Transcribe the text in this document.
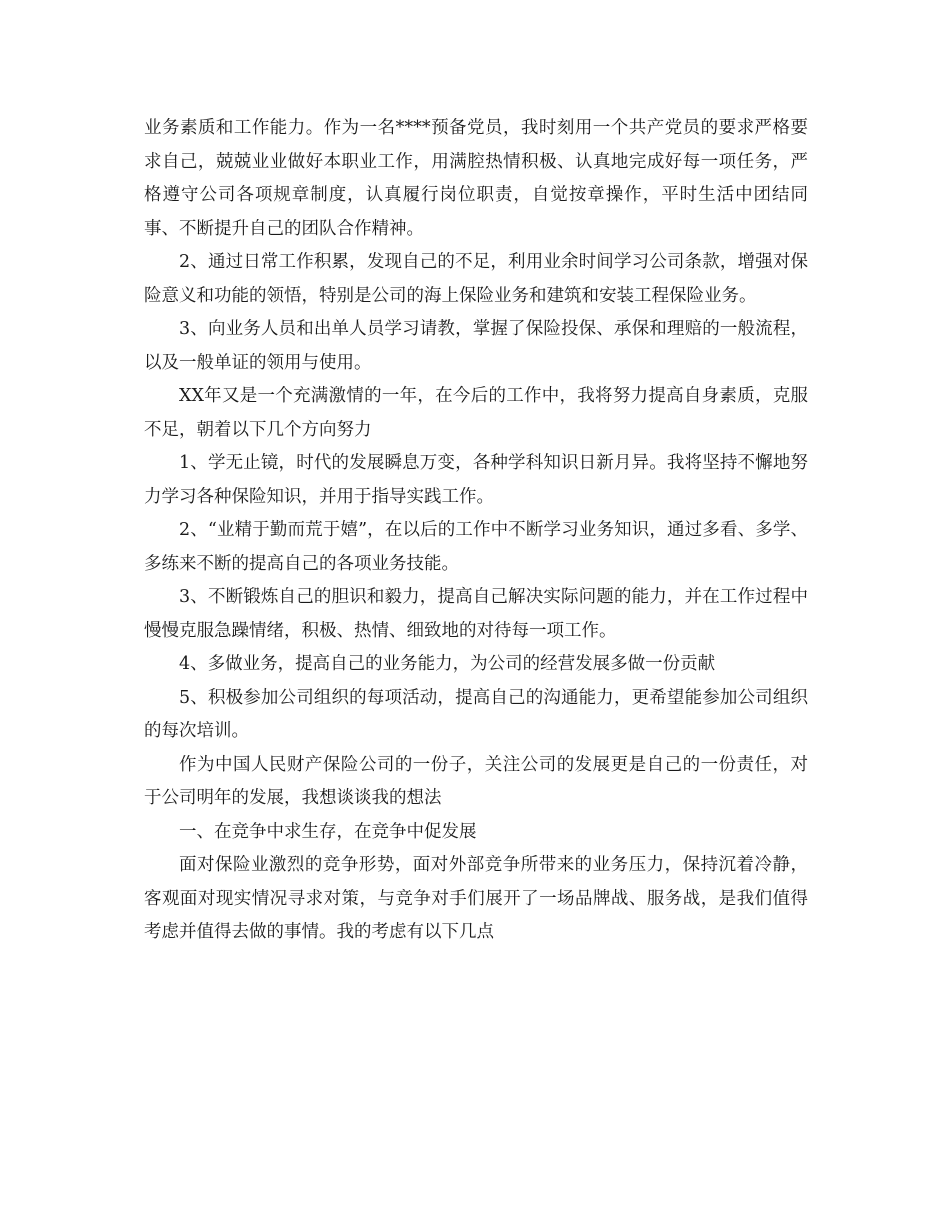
业务素质和工作能力。作为一名****预备党员，我时刻用一个共产党员的要求严格要求自己，兢兢业业做好本职业工作，用满腔热情积极、认真地完成好每一项任务，严格遵守公司各项规章制度，认真履行岗位职责，自觉按章操作，平时生活中团结同事、不断提升自己的团队合作精神。

2、通过日常工作积累，发现自己的不足，利用业余时间学习公司条款，增强对保险意义和功能的领悟，特别是公司的海上保险业务和建筑和安装工程保险业务。

3、向业务人员和出单人员学习请教，掌握了保险投保、承保和理赔的一般流程，以及一般单证的领用与使用。

XX年又是一个充满激情的一年，在今后的工作中，我将努力提高自身素质，克服不足，朝着以下几个方向努力

1、学无止镜，时代的发展瞬息万变，各种学科知识日新月异。我将坚持不懈地努力学习各种保险知识，并用于指导实践工作。

2、“业精于勤而荒于嬉”，在以后的工作中不断学习业务知识，通过多看、多学、多练来不断的提高自己的各项业务技能。

3、不断锻炼自己的胆识和毅力，提高自己解决实际问题的能力，并在工作过程中慢慢克服急躁情绪，积极、热情、细致地的对待每一项工作。

4、多做业务，提高自己的业务能力，为公司的经营发展多做一份贡献

5、积极参加公司组织的每项活动，提高自己的沟通能力，更希望能参加公司组织的每次培训。

作为中国人民财产保险公司的一份子，关注公司的发展更是自己的一份责任，对于公司明年的发展，我想谈谈我的想法

一、在竞争中求生存，在竞争中促发展

面对保险业激烈的竞争形势，面对外部竞争所带来的业务压力，保持沉着冷静，客观面对现实情况寻求对策，与竞争对手们展开了一场品牌战、服务战，是我们值得考虑并值得去做的事情。我的考虑有以下几点
